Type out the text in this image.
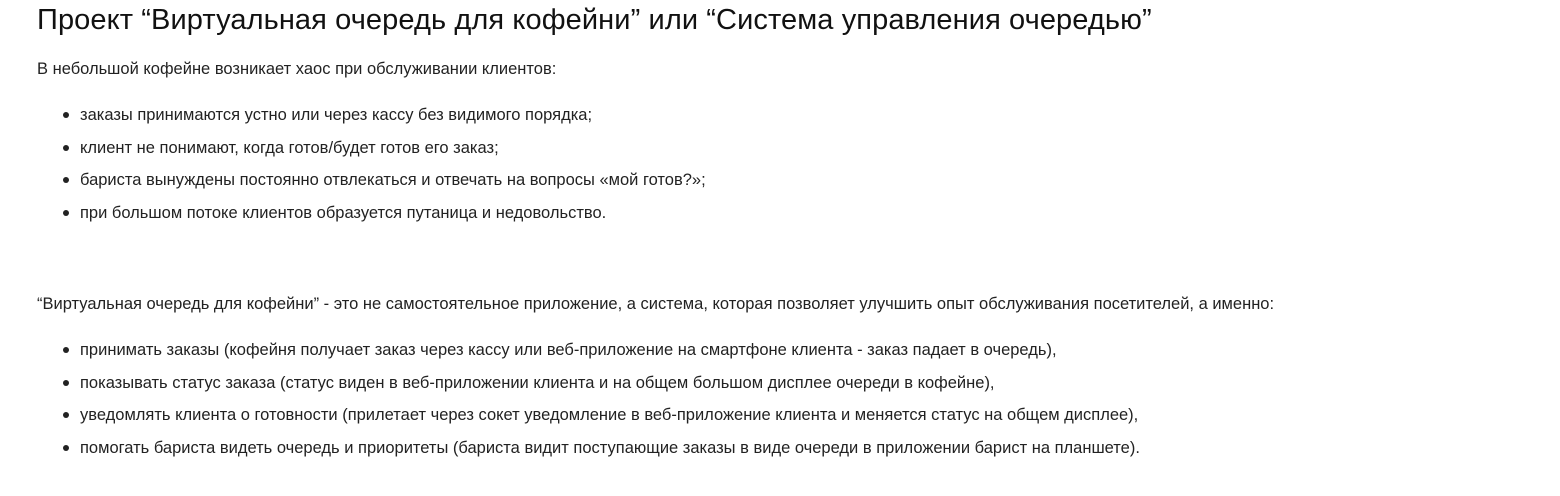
Проект “Виртуальная очередь для кофейни” или “Система управления очередью”

В небольшой кофейне возникает хаос при обслуживании клиентов:

заказы принимаются устно или через кассу без видимого порядка;
клиент не понимают, когда готов/будет готов его заказ;
бариста вынуждены постоянно отвлекаться и отвечать на вопросы «мой готов?»;
при большом потоке клиентов образуется путаница и недовольство.

“Виртуальная очередь для кофейни” - это не самостоятельное приложение, а система, которая позволяет улучшить опыт обслуживания посетителей, а именно:

принимать заказы (кофейня получает заказ через кассу или веб-приложение на смартфоне клиента - заказ падает в очередь),
показывать статус заказа (статус виден в веб-приложении клиента и на общем большом дисплее очереди в кофейне),
уведомлять клиента о готовности (прилетает через сокет уведомление в веб-приложение клиента и меняется статус на общем дисплее),
помогать бариста видеть очередь и приоритеты (бариста видит поступающие заказы в виде очереди в приложении барист на планшете).
